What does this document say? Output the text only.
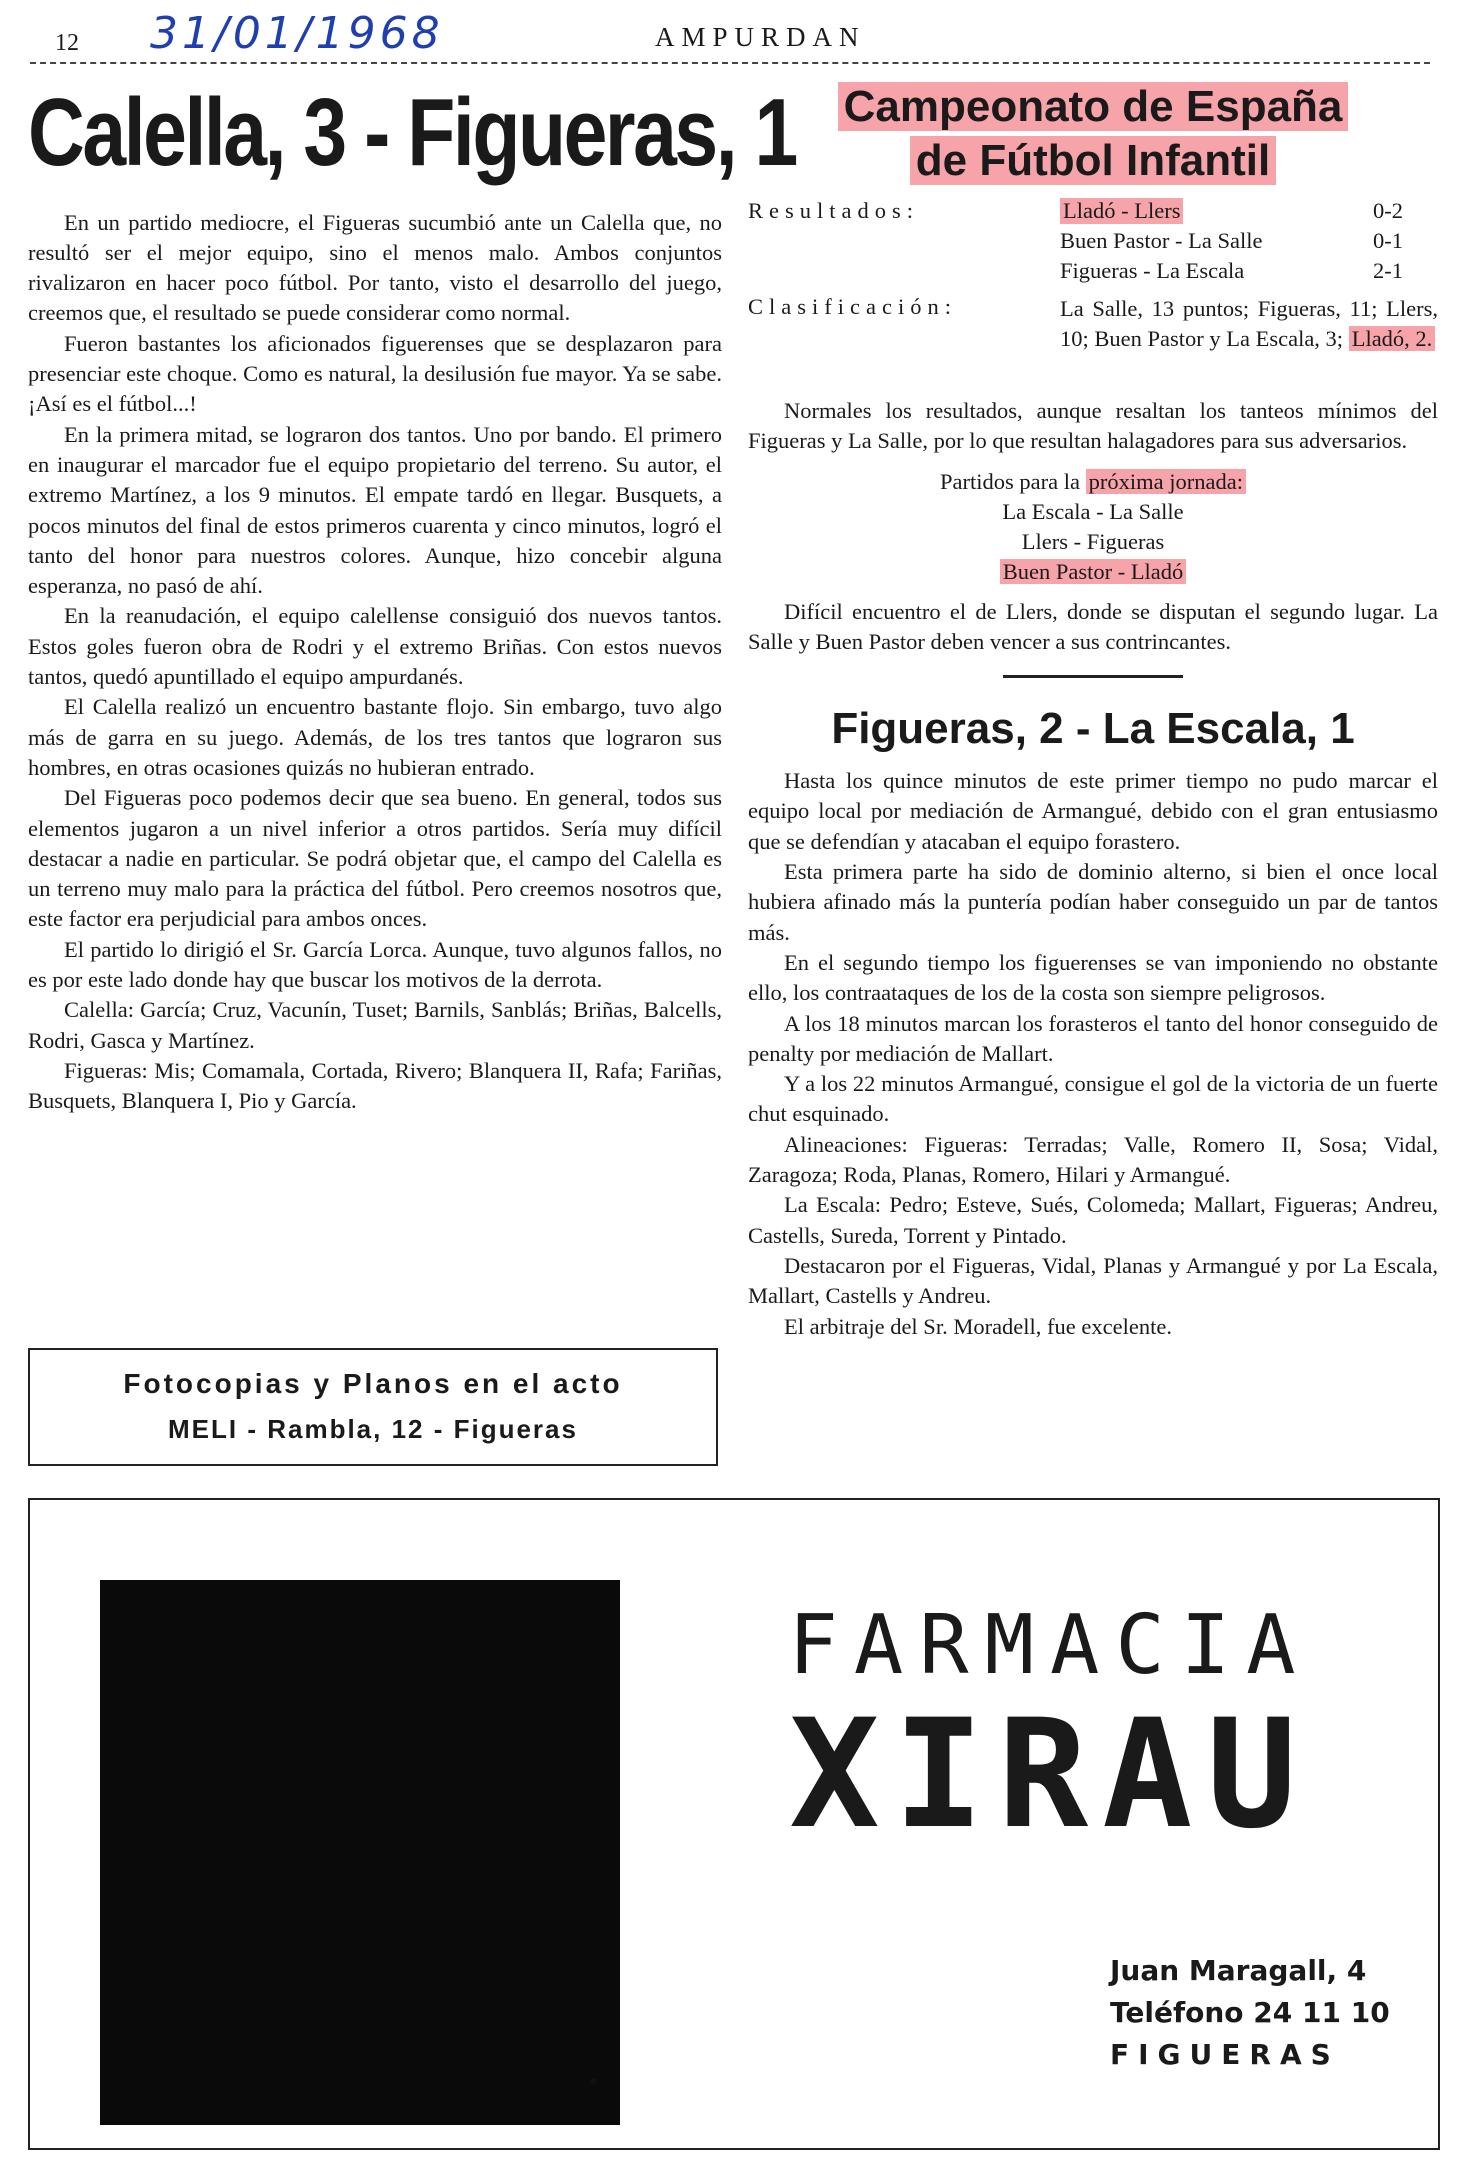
12 31/01/1968	AMPURDAN
Calella, 3 - Figueras, 1

En un partido mediocre, el Figueras sucumbió ante un Calella que, no resultó ser el mejor equipo, sino el menos malo. Ambos conjuntos rivalizaron en hacer poco fútbol. Por tanto, visto el desarrollo del juego, creemos que, el resultado se puede considerar como normal.

Fueron bastantes los aficionados figuerenses que se desplazaron para presenciar este choque. Como es natural, la desilusión fue mayor. Ya se sabe. ¡Así es el fútbol...!

En la primera mitad, se lograron dos tantos. Uno por bando. El primero en inaugurar el marcador fue el equipo propietario del terreno. Su autor, el extremo Martínez, a los 9 minutos. El empate tardó en llegar. Busquets, a pocos minutos del final de estos primeros cuarenta y cinco minutos, logró el tanto del honor para nuestros colores. Aunque, hizo concebir alguna esperanza, no pasó de ahí.

En la reanudación, el equipo calellense consiguió dos nuevos tantos. Estos goles fueron obra de Rodri y el extremo Briñas. Con estos nuevos tantos, quedó apuntillado el equipo ampurdanés.

El Calella realizó un encuentro bastante flojo. Sin embargo, tuvo algo más de garra en su juego. Además, de los tres tantos que lograron sus hombres, en otras ocasiones quizás no hubieran entrado.

Del Figueras poco podemos decir que sea bueno. En general, todos sus elementos jugaron a un nivel inferior a otros partidos. Sería muy difícil destacar a nadie en particular. Se podrá objetar que, el campo del Calella es un terreno muy malo para la práctica del fútbol. Pero creemos nosotros que, este factor era perjudicial para ambos onces.

El partido lo dirigió el Sr. García Lorca. Aunque, tuvo algunos fallos, no es por este lado donde hay que buscar los motivos de la derrota.

Calella: García; Cruz, Vacunín, Tuset; Barnils, Sanblás; Briñas, Balcells, Rodri, Gasca y Martínez.

Figueras: Mis; Comamala, Cortada, Rivero; Blanquera II, Rafa; Fariñas, Busquets, Blanquera I, Pio y García.

Fotocopias y Planos en el acto
MELI - Rambla, 12 - Figueras
Campeonato de España
de Fútbol Infantil
Resultados:	Lladó - Llers	0-2
Buen Pastor - La Salle	0-1
Figueras - La Escala	2-1
Clasificación:	La Salle, 13 puntos; Figueras, 11; Llers, 10; Buen Pastor y La Escala, 3; Lladó, 2.

Normales los resultados, aunque resaltan los tanteos mínimos del Figueras y La Salle, por lo que resultan halagadores para sus adversarios.

Partidos para la próxima jornada:
La Escala - La Salle
Llers - Figueras
Buen Pastor - Lladó

Difícil encuentro el de Llers, donde se disputan el segundo lugar. La Salle y Buen Pastor deben vencer a sus contrincantes.

Figueras, 2 - La Escala, 1

Hasta los quince minutos de este primer tiempo no pudo marcar el equipo local por mediación de Armangué, debido con el gran entusiasmo que se defendían y atacaban el equipo forastero.

Esta primera parte ha sido de dominio alterno, si bien el once local hubiera afinado más la puntería podían haber conseguido un par de tantos más.

En el segundo tiempo los figuerenses se van imponiendo no obstante ello, los contraataques de los de la costa son siempre peligrosos.

A los 18 minutos marcan los forasteros el tanto del honor conseguido de penalty por mediación de Mallart.

Y a los 22 minutos Armangué, consigue el gol de la victoria de un fuerte chut esquinado.

Alineaciones: Figueras: Terradas; Valle, Romero II, Sosa; Vidal, Zaragoza; Roda, Planas, Romero, Hilari y Armangué.

La Escala: Pedro; Esteve, Sués, Colomeda; Mallart, Figueras; Andreu, Castells, Sureda, Torrent y Pintado.

Destacaron por el Figueras, Vidal, Planas y Armangué y por La Escala, Mallart, Castells y Andreu.

El arbitraje del Sr. Moradell, fue excelente.

FARMACIA
XIRAU
Juan Maragall, 4
Teléfono 24 11 10
FIGUERAS
